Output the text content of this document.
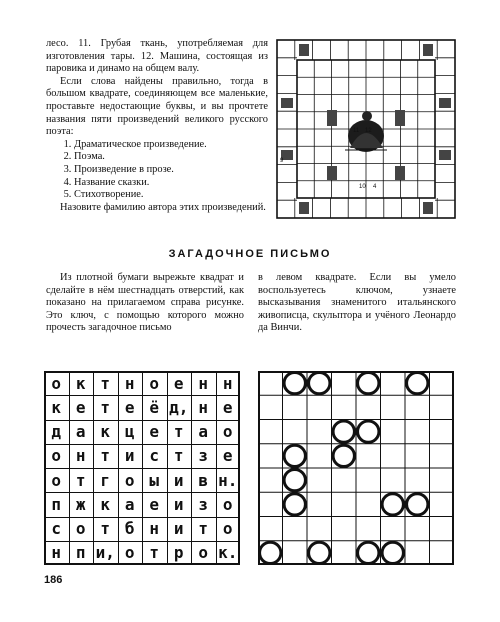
лесо. 11. Грубая ткань, употребляемая для изготовления тары. 12. Машина, состоящая из паровика и динамо на общем валу.

Если слова найдены правильно, тогда в большом квадрате, соединяющем все маленькие, проставьте недостающие буквы, и вы прочтете названия пяти произведений великого русского поэта:

1. Драматическое произведение.
2. Поэма.
3. Произведение в прозе.
4. Название сказки.
5. Стихотворение.

Назовите фамилию автора этих произведений.

9
10 4
11 12
ЗАГАДОЧНОЕ ПИСЬМО

Из плотной бумаги вырежьте квадрат и сделайте в нём шестнадцать отверстий, как показано на прилагаемом справа рисунке. Это ключ, с помощью которого можно прочесть загадочное письмо

в левом квадрате. Если вы умело воспользуетесь ключом, узнаете высказывания знаменитого итальянского живописца, скульптора и учёного Леонардо да Винчи.

о к т н о е н н
к е т е ё д, н е
д а к ц е т а о
о н т и с т з е
о т г о ы и в н.
п ж к а е и з о
с о т б н и т о
н п и, о т р о к.
186
